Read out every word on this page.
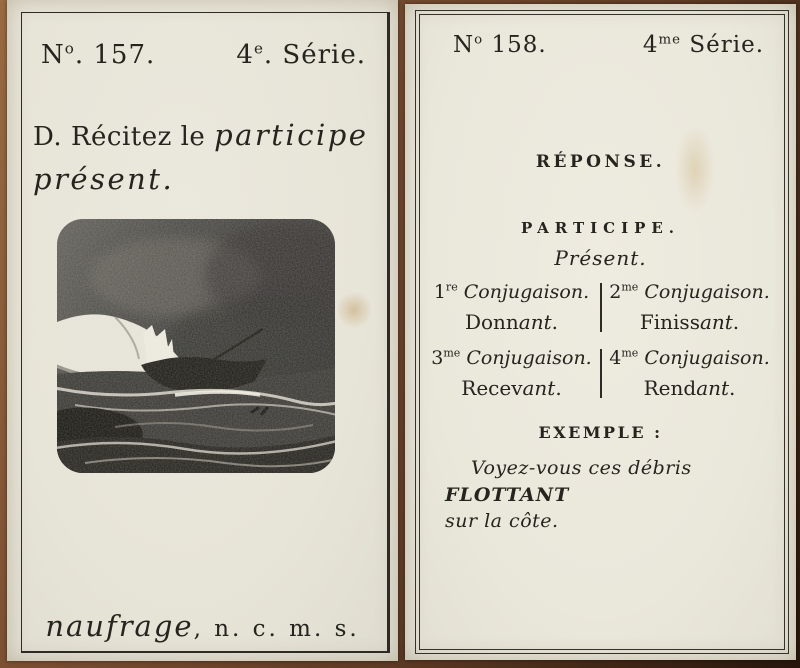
$N^o$. 157.	4e. Série.
D. Récitez le participe
présent.
naufrage, n. c. m. s.
$N^o$ 158.	$4^{me}$ Série.
RÉPONSE.
PARTICIPE.
Présent.
1re Conjugaison.
Donnant.
$2^{me}$ Conjugaison.
Finissant.
$3^{me}$ Conjugaison.
Recevant.
$4^{me}$ Conjugaison.
Rendant.
EXEMPLE :
Voyez-vous ces débris FLOTTANT
sur la côte.
